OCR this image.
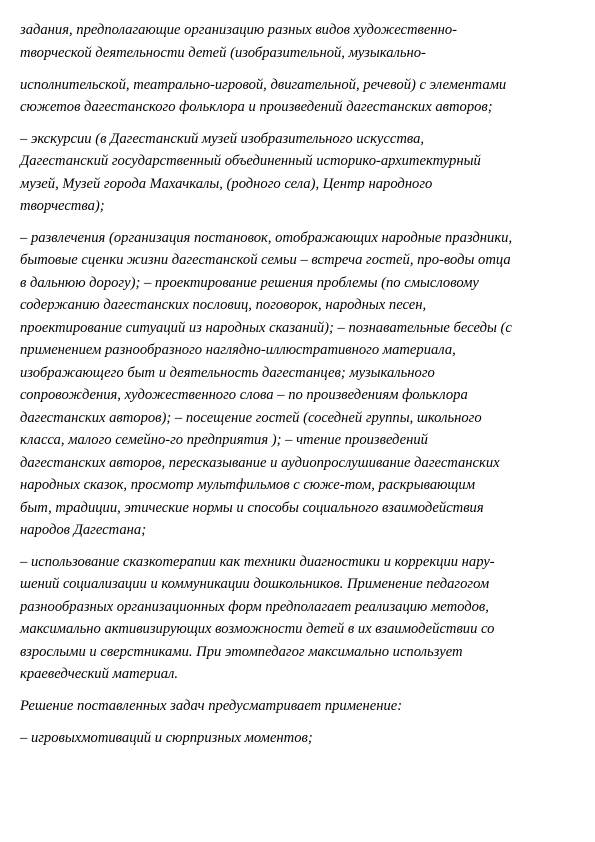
задания, предполагающие организацию разных видов художественно-

творческой деятельности детей (изобразительной, музыкально-

исполнительской, театрально-игровой, двигательной, речевой) с элементами

сюжетов дагестанского фольклора и произведений дагестанских авторов;

– экскурсии (в Дагестанский музей изобразительного искусства,

Дагестанский государственный объединенный историко-архитектурный

музей, Музей города Махачкалы, (родного села), Центр народного

творчества);

– развлечения (организация постановок, отображающих народные праздники,

бытовые сценки жизни дагестанской семьи – встреча гостей, про-воды отца

в дальнюю дорогу); – проектирование решения проблемы (по смысловому

содержанию дагестанских пословиц, поговорок, народных песен,

проектирование ситуаций из народных сказаний); – познавательные беседы (с

применением разнообразного наглядно-иллюстративного материала,

изображающего быт и деятельность дагестанцев; музыкального

сопровождения, художественного слова – по произведениям фольклора

дагестанских авторов); – посещение гостей (соседней группы, школьного

класса, малого семейно-го предприятия ); – чтение произведений

дагестанских авторов, пересказывание и аудиопрослушивание дагестанских

народных сказок, просмотр мультфильмов с сюже-том, раскрывающим

быт, традиции, этические нормы и способы социального взаимодействия

народов Дагестана;

– использование сказкотерапии как техники диагностики и коррекции нару-

шений социализации и коммуникации дошкольников. Применение педагогом

разнообразных организационных форм предполагает реализацию методов,

максимально активизирующих возможности детей в их взаимодействии со

взрослыми и сверстниками. При этомпедагог максимально использует

краеведческий материал.

Решение поставленных задач предусматривает применение:

– игровыхмотиваций и сюрпризных моментов;
